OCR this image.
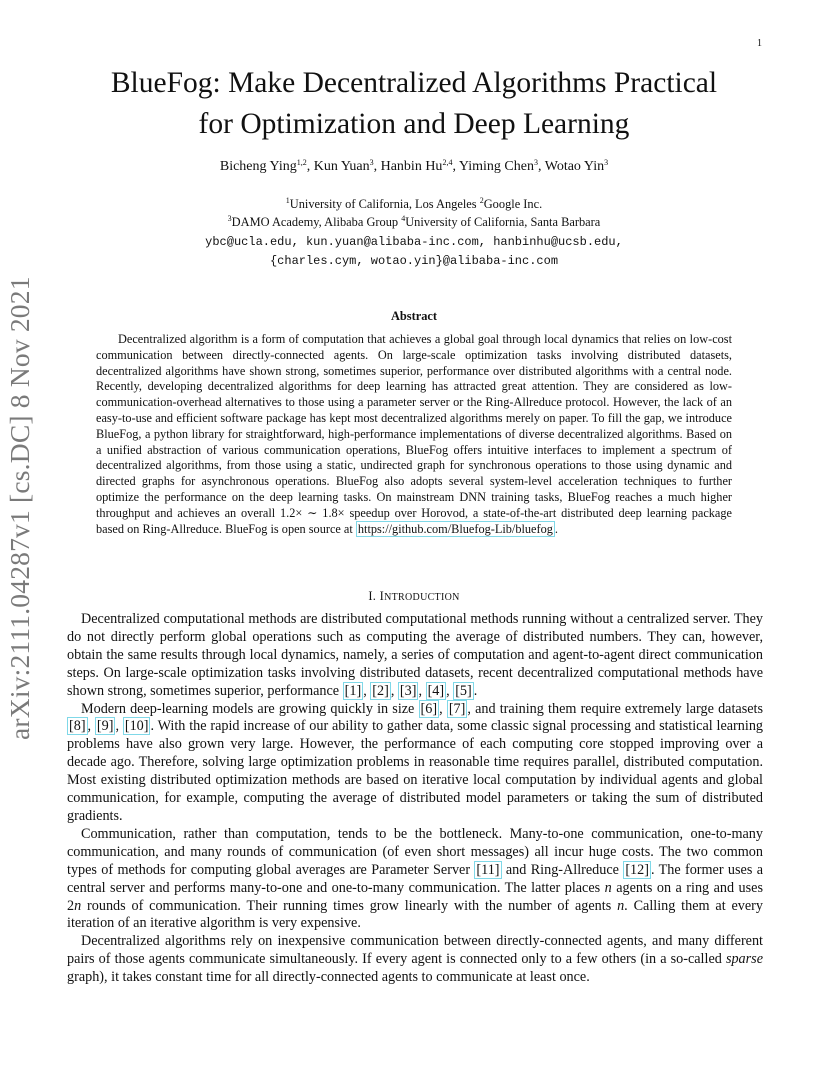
1
arXiv:2111.04287v1 [cs.DC] 8 Nov 2021
BlueFog: Make Decentralized Algorithms Practical
for Optimization and Deep Learning
Bicheng Ying$^{1,2}$, Kun Yuan$^3$, Hanbin Hu$^{2,4}$, Yiming Chen$^3$, Wotao Yin$^3$
$^1$University of California, Los Angeles $^2$Google Inc.
$^3$DAMO Academy, Alibaba Group $^4$University of California, Santa Barbara
ybc@ucla.edu, kun.yuan@alibaba-inc.com, hanbinhu@ucsb.edu,
{charles.cym, wotao.yin}@alibaba-inc.com
Abstract
Decentralized algorithm is a form of computation that achieves a global goal through local dynamics that relies on low-cost communication between directly-connected agents. On large-scale optimization tasks involving distributed datasets, decentralized algorithms have shown strong, sometimes superior, performance over distributed algorithms with a central node. Recently, developing decentralized algorithms for deep learning has attracted great attention. They are considered as low-communication-overhead alternatives to those using a parameter server or the Ring-Allreduce protocol. However, the lack of an easy-to-use and efficient software package has kept most decentralized algorithms merely on paper. To fill the gap, we introduce BlueFog, a python library for straightforward, high-performance implementations of diverse decentralized algorithms. Based on a unified abstraction of various communication operations, BlueFog offers intuitive interfaces to implement a spectrum of decentralized algorithms, from those using a static, undirected graph for synchronous operations to those using dynamic and directed graphs for asynchronous operations. BlueFog also adopts several system-level acceleration techniques to further optimize the performance on the deep learning tasks. On mainstream DNN training tasks, BlueFog reaches a much higher throughput and achieves an overall 1.2× ∼ 1.8× speedup over Horovod, a state-of-the-art distributed deep learning package based on Ring-Allreduce. BlueFog is open source at https://github.com/Bluefog-Lib/bluefog .
I. INTRODUCTION

Decentralized computational methods are distributed computational methods running without a centralized server. They do not directly perform global operations such as computing the average of distributed numbers. They can, however, obtain the same results through local dynamics, namely, a series of computation and agent-to-agent direct communication steps. On large-scale optimization tasks involving distributed datasets, recent decentralized computational methods have shown strong, sometimes superior, performance [1] , [2] , [3] , [4] , [5] .

Modern deep-learning models are growing quickly in size [6] , [7] , and training them require extremely large datasets [8] , [9] , [10] . With the rapid increase of our ability to gather data, some classic signal processing and statistical learning problems have also grown very large. However, the performance of each computing core stopped improving over a decade ago. Therefore, solving large optimization problems in reasonable time requires parallel, distributed computation. Most existing distributed optimization methods are based on iterative local computation by individual agents and global communication, for example, computing the average of distributed model parameters or taking the sum of distributed gradients.

Communication, rather than computation, tends to be the bottleneck. Many-to-one communication, one-to-many communication, and many rounds of communication (of even short messages) all incur huge costs. The two common types of methods for computing global averages are Parameter Server [11] and Ring-Allreduce [12] . The former uses a central server and performs many-to-one and one-to-many communication. The latter places n agents on a ring and uses 2n rounds of communication. Their running times grow linearly with the number of agents n. Calling them at every iteration of an iterative algorithm is very expensive.

Decentralized algorithms rely on inexpensive communication between directly-connected agents, and many different pairs of those agents communicate simultaneously. If every agent is connected only to a few others (in a so-called sparse graph), it takes constant time for all directly-connected agents to communicate at least once.
